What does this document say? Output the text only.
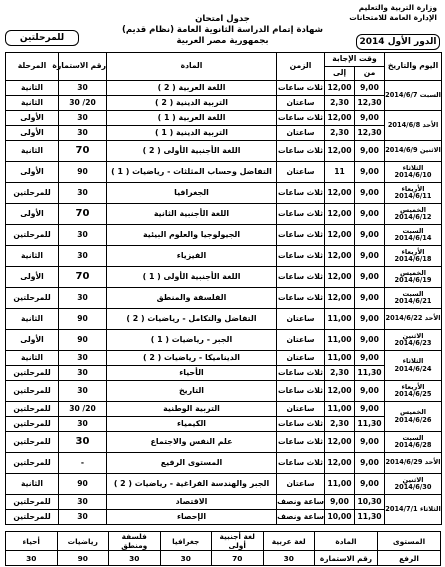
وزارة التربية والتعليم
الإدارة العامة للامتحانات
جدول امتحان
شهادة إتمام الدراسة الثانوية العامة (نظام قديم)
بجمهورية مصر العربية	الدور الأول 2014
للمرحلتين
اليوم والتاريخ	وقت الإجابة		الزمن	المادة	رقم الاستمارة	المرحلة
	من	إلى				
السبت 2014/6/7	9,00	12,00	ثلاث ساعات	اللغة العربية ( 2 )	30	الثانية
	12,30	2,30	ساعتان	التربية الدينية ( 2 )	20/ 30	الثانية
الأحد 2014/6/8	9,00	12,00	ثلاث ساعات	اللغة العربية ( 1 )	30	الأولى
	12,30	2,30	ساعتان	التربية الدينية ( 1 )	30	الأولى
الاثنين 2014/6/9	9,00	12,00	ثلاث ساعات	اللغة الأجنبية الأولى ( 2 )	70	الثانية
الثلاثاء 2014/6/10	9,00	11	ساعتان	التفاضل وحساب المثلثات - رياضيات ( 1 )	90	الأولى
الأربعاء 2014/6/11	9,00	12,00	ثلاث ساعات	الجغرافيا	30	للمرحلتين
الخميس 2014/6/12	9,00	12,00	ثلاث ساعات	اللغة الأجنبية الثانية	70	الأولى
السبت 2014/6/14	9,00	12,00	ثلاث ساعات	الجيولوجيا والعلوم البيئية	30	للمرحلتين
الأربعاء 2014/6/18	9,00	12,00	ثلاث ساعات	الفيزياء	30	الثانية
الخميس 2014/6/19	9,00	12,00	ثلاث ساعات	اللغة الأجنبية الأولى ( 1 )	70	الأولى
السبت 2014/6/21	9,00	12,00	ثلاث ساعات	الفلسفة والمنطق	30	للمرحلتين
الأحد 2014/6/22	9,00	11,00	ساعتان	التفاضل والتكامل - رياضيات ( 2 )	90	الثانية
الاثنين 2014/6/23	9,00	11,00	ساعتان	الجبر - رياضيات ( 1 )	90	الأولى
الثلاثاء 2014/6/24	9,00	11,00	ساعتان	الديناميكا - رياضيات ( 2 )	30	الثانية
	11,30	2,30	ثلاث ساعات	الأحياء	30	للمرحلتين
الأربعاء 2014/6/25	9,00	12,00	ثلاث ساعات	التاريخ	30	للمرحلتين
الخميس 2014/6/26	9,00	11,00	ساعتان	التربية الوطنية	20/ 30	للمرحلتين
	11,30	2,30	ثلاث ساعات	الكيمياء	30	للمرحلتين
السبت 2014/6/28	9,00	12,00	ثلاث ساعات	علم النفس والاجتماع	30	للمرحلتين
الأحد 2014/6/29	9,00	12,00	ثلاث ساعات	المستوى الرفيع	-	للمرحلتين
الاثنين 2014/6/30	9,00	11,00	ساعتان	الجبر والهندسة الفراغية - رياضيات ( 2 )	90	الثانية
الثلاثاء 2014/7/1	10,30	9,00	ساعة ونصف	الاقتصاد	30	للمرحلتين
	11,30	10,00	ساعة ونصف	الإحصاء	30	للمرحلتين
المستوى	المادة	لغة عربية	لغة أجنبية أولى	جغرافيا	فلسفة ومنطق	رياضيات	أحياء
الرفع	رقم الاستمارة	30	70	30	30	90	30
